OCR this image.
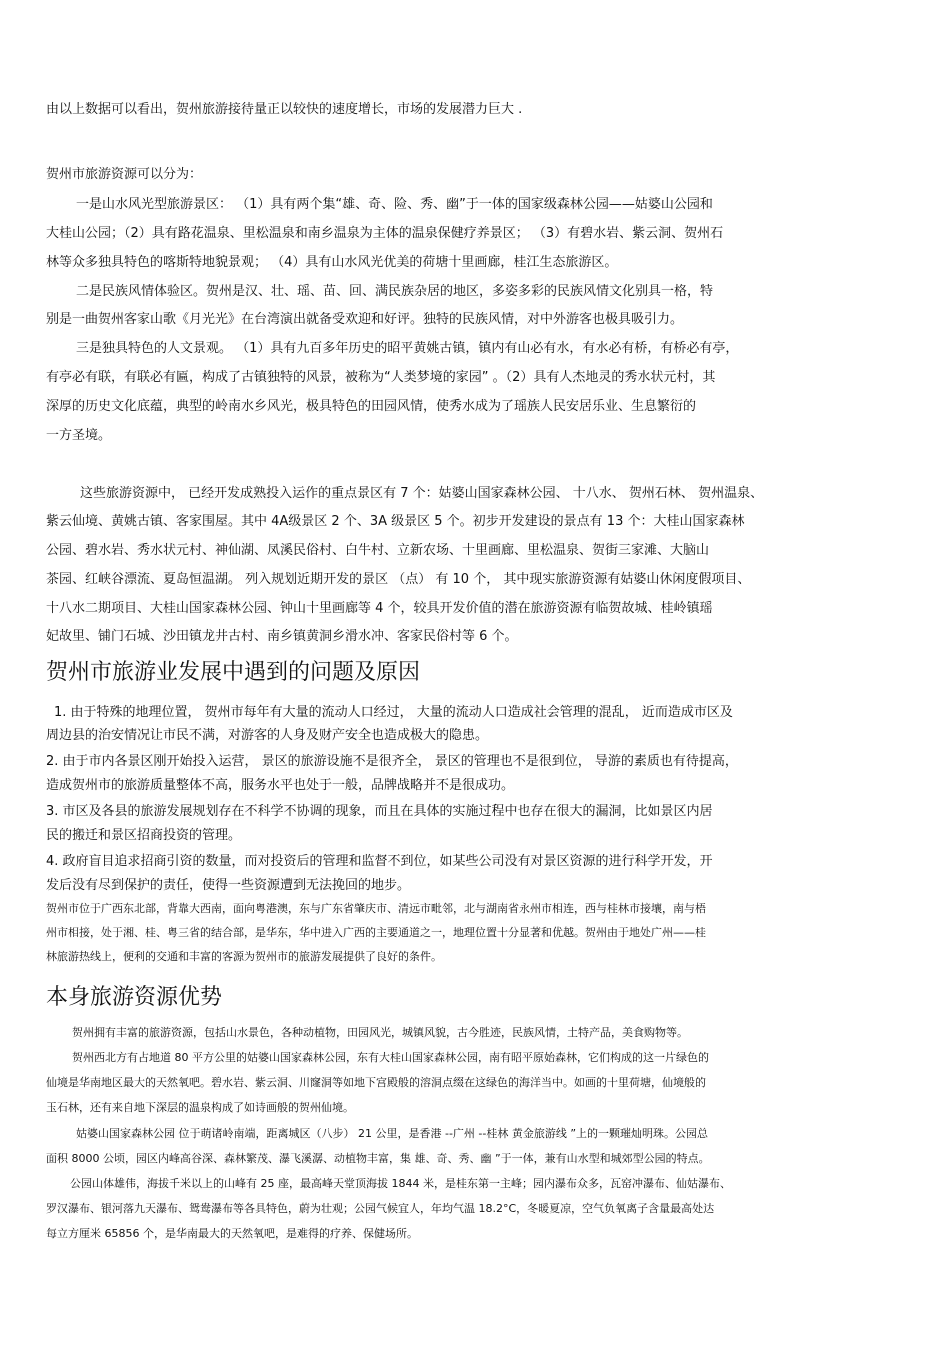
由以上数据可以看出，贺州旅游接待量正以较快的速度增长，市场的发展潜力巨大 .
贺州市旅游资源可以分为：
一是山水风光型旅游景区： （1）具有两个集“雄、奇、险、秀、幽”于一体的国家级森林公园——姑婆山公园和
大桂山公园；（2）具有路花温泉、里松温泉和南乡温泉为主体的温泉保健疗养景区； （3）有碧水岩、紫云洞、贺州石
林等众多独具特色的喀斯特地貌景观； （4）具有山水风光优美的荷塘十里画廊，桂江生态旅游区。
二是民族风情体验区。贺州是汉、壮、瑶、苗、回、满民族杂居的地区，多姿多彩的民族风情文化别具一格，特
别是一曲贺州客家山歌《月光光》在台湾演出就备受欢迎和好评。独特的民族风情，对中外游客也极具吸引力。
三是独具特色的人文景观。 （1）具有九百多年历史的昭平黄姚古镇，镇内有山必有水，有水必有桥，有桥必有亭，
有亭必有联，有联必有匾，构成了古镇独特的风景，被称为“人类梦境的家园” 。（2）具有人杰地灵的秀水状元村，其
深厚的历史文化底蕴，典型的岭南水乡风光，极具特色的田园风情，使秀水成为了瑶族人民安居乐业、生息繁衍的
一方圣境。
这些旅游资源中， 已经开发成熟投入运作的重点景区有 7 个：姑婆山国家森林公园、 十八水、 贺州石林、 贺州温泉、
紫云仙境、黄姚古镇、客家围屋。其中 4A级景区 2 个、3A 级景区 5 个。初步开发建设的景点有 13 个：大桂山国家森林
公园、碧水岩、秀水状元村、神仙湖、凤溪民俗村、白牛村、立新农场、十里画廊、里松温泉、贺街三家滩、大脑山
茶园、红峡谷漂流、夏岛恒温湖。 列入规划近期开发的景区 （点） 有 10 个， 其中现实旅游资源有姑婆山休闲度假项目、
十八水二期项目、大桂山国家森林公园、钟山十里画廊等 4 个，较具开发价值的潜在旅游资源有临贺故城、桂岭镇瑶
妃故里、铺门石城、沙田镇龙井古村、南乡镇黄洞乡滑水冲、客家民俗村等 6 个。
贺州市旅游业发展中遇到的问题及原因
1. 由于特殊的地理位置， 贺州市每年有大量的流动人口经过， 大量的流动人口造成社会管理的混乱， 近而造成市区及
周边县的治安情况让市民不满，对游客的人身及财产安全也造成极大的隐患。
2. 由于市内各景区刚开始投入运营， 景区的旅游设施不是很齐全， 景区的管理也不是很到位， 导游的素质也有待提高，
造成贺州市的旅游质量整体不高，服务水平也处于一般，品牌战略并不是很成功。
3. 市区及各县的旅游发展规划存在不科学不协调的现象，而且在具体的实施过程中也存在很大的漏洞，比如景区内居
民的搬迁和景区招商投资的管理。
4. 政府盲目追求招商引资的数量，而对投资后的管理和监督不到位，如某些公司没有对景区资源的进行科学开发，开
发后没有尽到保护的责任，使得一些资源遭到无法挽回的地步。
贺州市位于广西东北部，背靠大西南，面向粤港澳，东与广东省肇庆市、清远市毗邻，北与湖南省永州市相连，西与桂林市接壤，南与梧
州市相接，处于湘、桂、粤三省的结合部，是华东，华中进入广西的主要通道之一，地理位置十分显著和优越。贺州由于地处广州——桂
林旅游热线上，便利的交通和丰富的客源为贺州市的旅游发展提供了良好的条件。
本身旅游资源优势
贺州拥有丰富的旅游资源，包括山水景色，各种动植物，田园风光，城镇风貌，古今胜迹，民族风情，土特产品，美食购物等。
贺州西北方有占地道 80 平方公里的姑婆山国家森林公园，东有大桂山国家森林公园，南有昭平原始森林，它们构成的这一片绿色的
仙境是华南地区最大的天然氧吧。碧水岩、紫云洞、川窿洞等如地下宫殿般的溶洞点缀在这绿色的海洋当中。如画的十里荷塘，仙境般的
玉石林，还有来自地下深层的温泉构成了如诗画般的贺州仙境。
姑婆山国家森林公园 位于萌诸岭南端，距离城区（八步） 21 公里，是香港 --广州 --桂林 黄金旅游线 ”上的一颗璀灿明珠。公园总
面积 8000 公顷，园区内峰高谷深、森林繁茂、瀑飞溪潺、动植物丰富，集 雄、奇、秀、幽 ”于一体，兼有山水型和城郊型公园的特点。
公园山体雄伟，海拔千米以上的山峰有 25 座，最高峰天堂顶海拔 1844 米，是桂东第一主峰；园内瀑布众多，瓦窑冲瀑布、仙姑瀑布、
罗汉瀑布、银河落九天瀑布、鸳鸯瀑布等各具特色，蔚为壮观；公园气候宜人，年均气温 18.2°C，冬暖夏凉，空气负氧离子含量最高处达
每立方厘米 65856 个，是华南最大的天然氧吧，是难得的疗养、保健场所。
